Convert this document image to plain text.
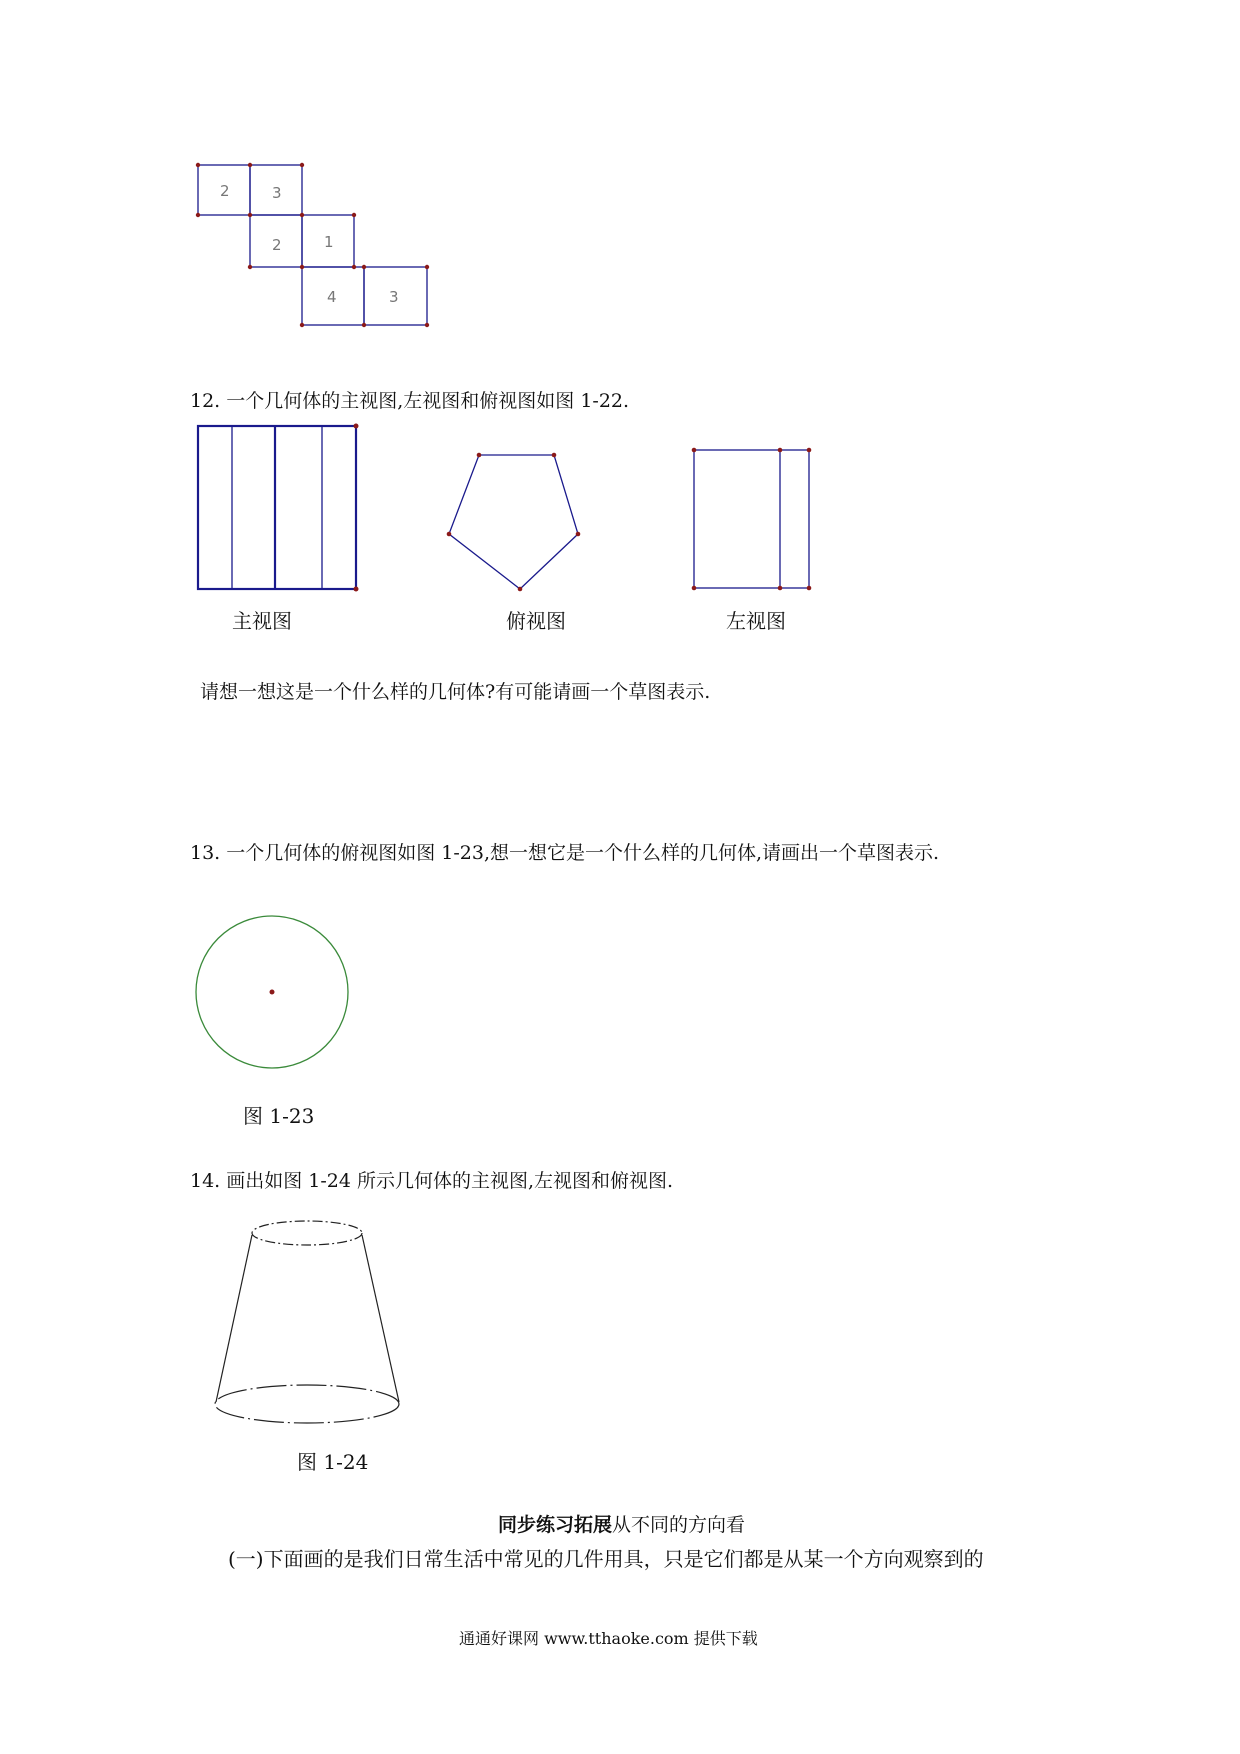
2	3
2	1
4	3
12. 一个几何体的主视图,左视图和俯视图如图 1-22.
主视图	俯视图	左视图
请想一想这是一个什么样的几何体?有可能请画一个草图表示.
13. 一个几何体的俯视图如图 1-23,想一想它是一个什么样的几何体,请画出一个草图表示.
图 1-23
14. 画出如图 1-24 所示几何体的主视图,左视图和俯视图.
图 1-24
同步练习拓展从不同的方向看
(一)下面画的是我们日常生活中常见的几件用具，只是它们都是从某一个方向观察到的
通通好课网 www.tthaoke.com 提供下载
